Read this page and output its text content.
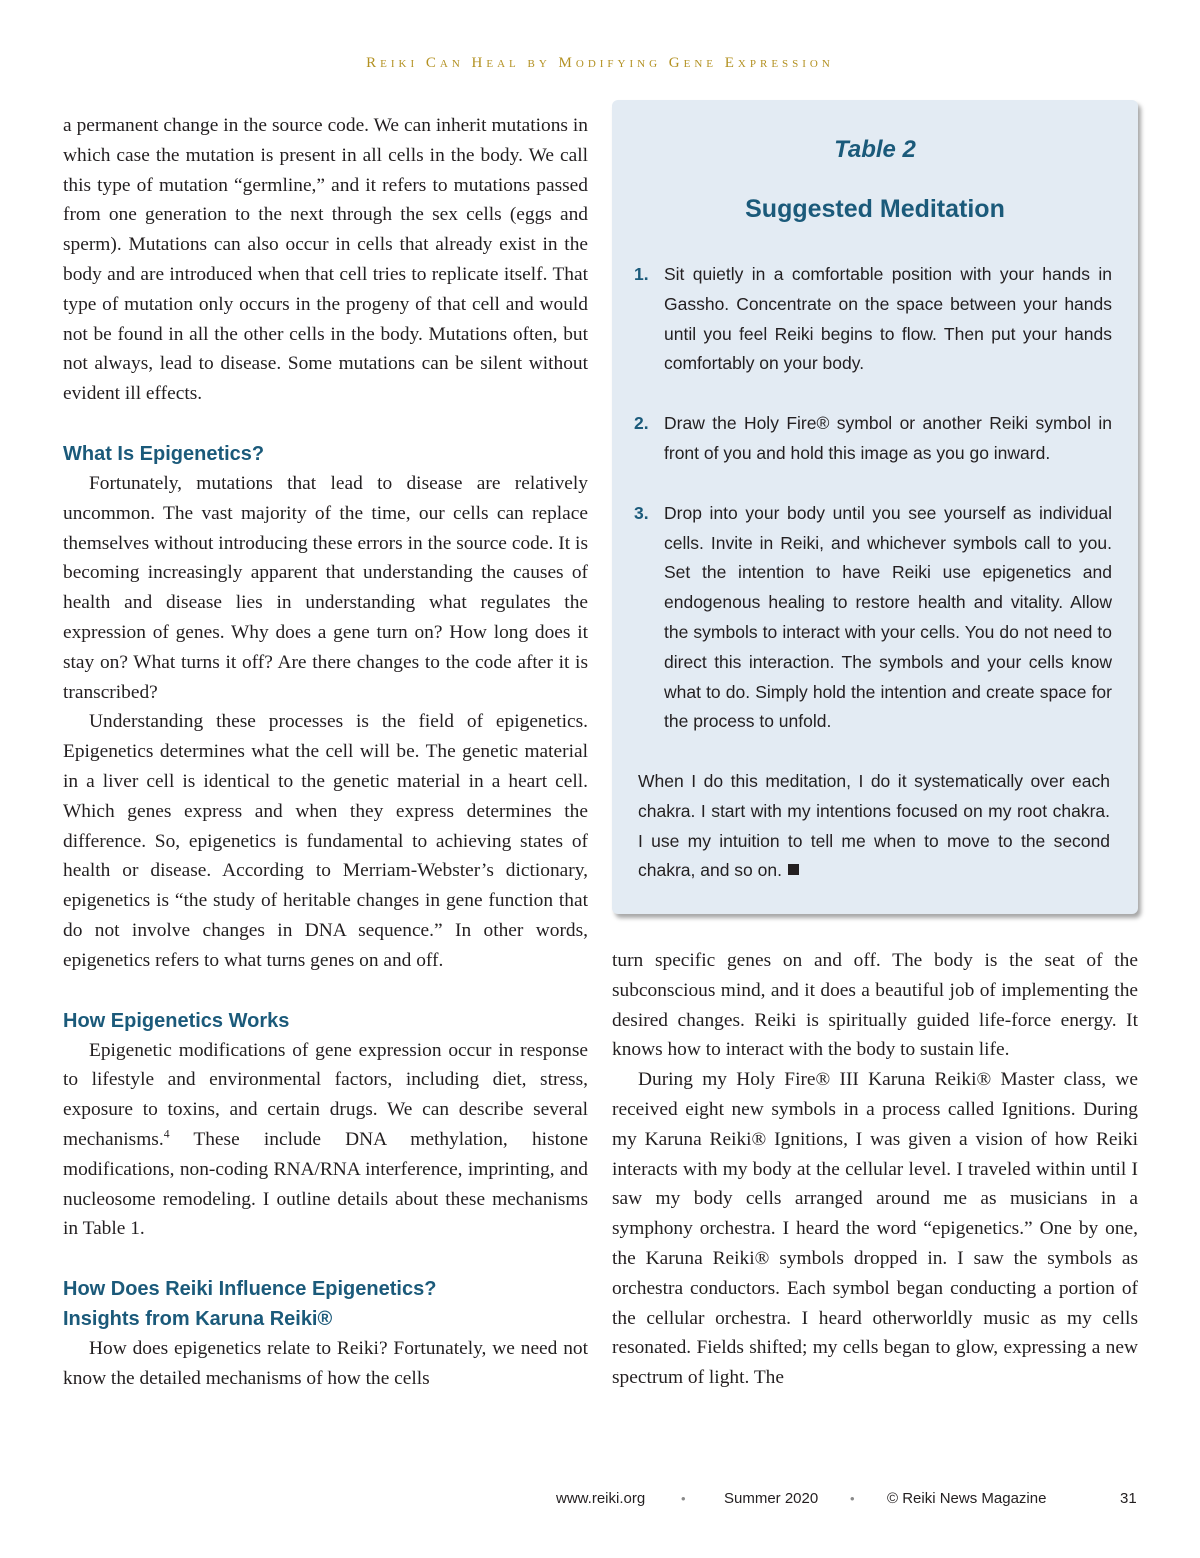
Reiki Can Heal by Modifying Gene Expression

a permanent change in the source code. We can inherit mutations in which case the mutation is present in all cells in the body. We call this type of mutation “germline,” and it refers to mutations passed from one generation to the next through the sex cells (eggs and sperm). Mutations can also occur in cells that already exist in the body and are introduced when that cell tries to replicate itself. That type of mutation only occurs in the progeny of that cell and would not be found in all the other cells in the body. Mutations often, but not always, lead to disease. Some mutations can be silent without evident ill effects.

What Is Epigenetics?

Fortunately, mutations that lead to disease are relatively uncommon. The vast majority of the time, our cells can replace themselves without introducing these errors in the source code. It is becoming increasingly apparent that understanding the causes of health and disease lies in understanding what regulates the expression of genes. Why does a gene turn on? How long does it stay on? What turns it off? Are there changes to the code after it is transcribed?

Understanding these processes is the field of epigenetics. Epigenetics determines what the cell will be. The genetic material in a liver cell is identical to the genetic material in a heart cell. Which genes express and when they express determines the difference. So, epigenetics is fundamental to achieving states of health or disease. According to Merriam-Webster’s dictionary, epigenetics is “the study of heritable changes in gene function that do not involve changes in DNA sequence.” In other words, epigenetics refers to what turns genes on and off.

How Epigenetics Works

Epigenetic modifications of gene expression occur in response to lifestyle and environmental factors, including diet, stress, exposure to toxins, and certain drugs. We can describe several mechanisms.$^4$ These include DNA methylation, histone modifications, non-coding RNA/RNA interference, imprinting, and nucleosome remodeling. I outline details about these mechanisms in Table 1.

How Does Reiki Influence Epigenetics?
Insights from Karuna Reiki®

How does epigenetics relate to Reiki? Fortunately, we need not know the detailed mechanisms of how the cells

Table 2
Suggested Meditation
1. Sit quietly in a comfortable position with your hands in Gassho. Concentrate on the space between your hands until you feel Reiki begins to flow. Then put your hands comfortably on your body.
2. Draw the Holy Fire® symbol or another Reiki symbol in front of you and hold this image as you go inward.
3. Drop into your body until you see yourself as individual cells. Invite in Reiki, and whichever symbols call to you. Set the intention to have Reiki use epigenetics and endogenous healing to restore health and vitality. Allow the symbols to interact with your cells. You do not need to direct this interaction. The symbols and your cells know what to do. Simply hold the intention and create space for the process to unfold.

When I do this meditation, I do it systematically over each chakra. I start with my intentions focused on my root chakra. I use my intuition to tell me when to move to the second chakra, and so on.

turn specific genes on and off. The body is the seat of the subconscious mind, and it does a beautiful job of implementing the desired changes. Reiki is spiritually guided life-force energy. It knows how to interact with the body to sustain life.

During my Holy Fire® III Karuna Reiki® Master class, we received eight new symbols in a process called Ignitions. During my Karuna Reiki® Ignitions, I was given a vision of how Reiki interacts with my body at the cellular level. I traveled within until I saw my body cells arranged around me as musicians in a symphony orchestra. I heard the word “epigenetics.” One by one, the Karuna Reiki® symbols dropped in. I saw the symbols as orchestra conductors. Each symbol began conducting a portion of the cellular orchestra. I heard otherworldly music as my cells resonated. Fields shifted; my cells began to glow, expressing a new spectrum of light. The

www.reiki.org	•	Summer 2020 • © Reiki News Magazine	31
